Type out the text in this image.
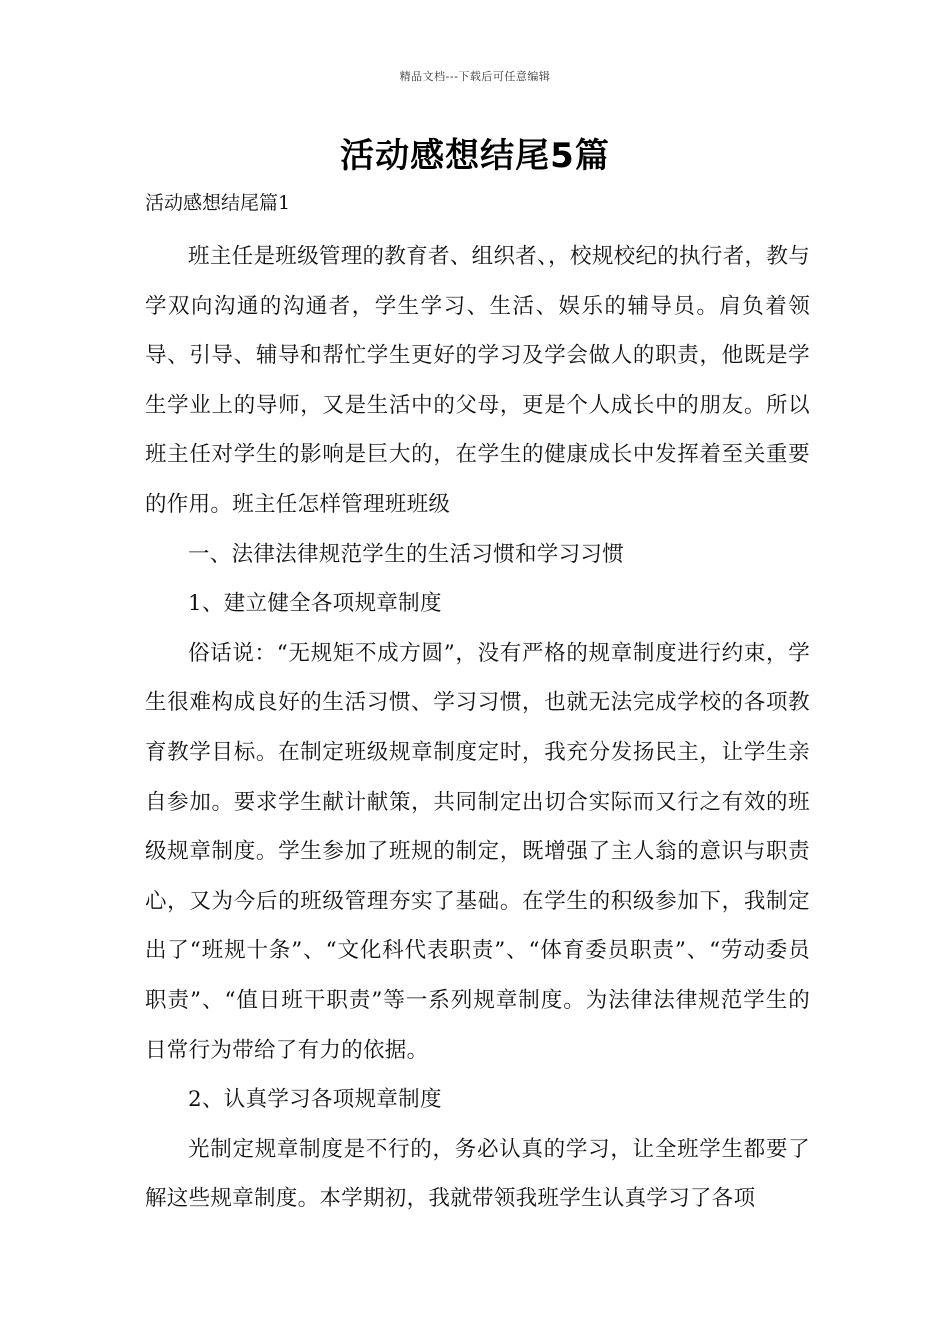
精品文档---下载后可任意编辑
活动感想结尾5篇

活动感想结尾篇1

班主任是班级管理的教育者、组织者、，校规校纪的执行者，教与学双向沟通的沟通者，学生学习、生活、娱乐的辅导员。肩负着领导、引导、辅导和帮忙学生更好的学习及学会做人的职责，他既是学生学业上的导师，又是生活中的父母，更是个人成长中的朋友。所以班主任对学生的影响是巨大的，在学生的健康成长中发挥着至关重要的作用。班主任怎样管理班班级

一、法律法律规范学生的生活习惯和学习习惯

1、建立健全各项规章制度

俗话说：“无规矩不成方圆”，没有严格的规章制度进行约束，学生很难构成良好的生活习惯、学习习惯，也就无法完成学校的各项教育教学目标。在制定班级规章制度定时，我充分发扬民主，让学生亲自参加。要求学生献计献策，共同制定出切合实际而又行之有效的班级规章制度。学生参加了班规的制定，既增强了主人翁的意识与职责心，又为今后的班级管理夯实了基础。在学生的积级参加下，我制定出了“班规十条”、“文化科代表职责”、“体育委员职责”、“劳动委员职责”、“值日班干职责”等一系列规章制度。为法律法律规范学生的日常行为带给了有力的依据。

2、认真学习各项规章制度

光制定规章制度是不行的，务必认真的学习，让全班学生都要了解这些规章制度。本学期初，我就带领我班学生认真学习了各项
